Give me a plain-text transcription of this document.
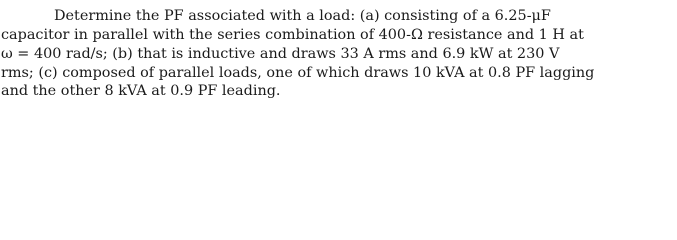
Determine the PF associated with a load: (a) consisting of a 6.25-μF
capacitor in parallel with the series combination of 400-Ω resistance and 1 H at
ω = 400 rad/s; (b) that is inductive and draws 33 A rms and 6.9 kW at 230 V
rms; (c) composed of parallel loads, one of which draws 10 kVA at 0.8 PF lagging
and the other 8 kVA at 0.9 PF leading.
